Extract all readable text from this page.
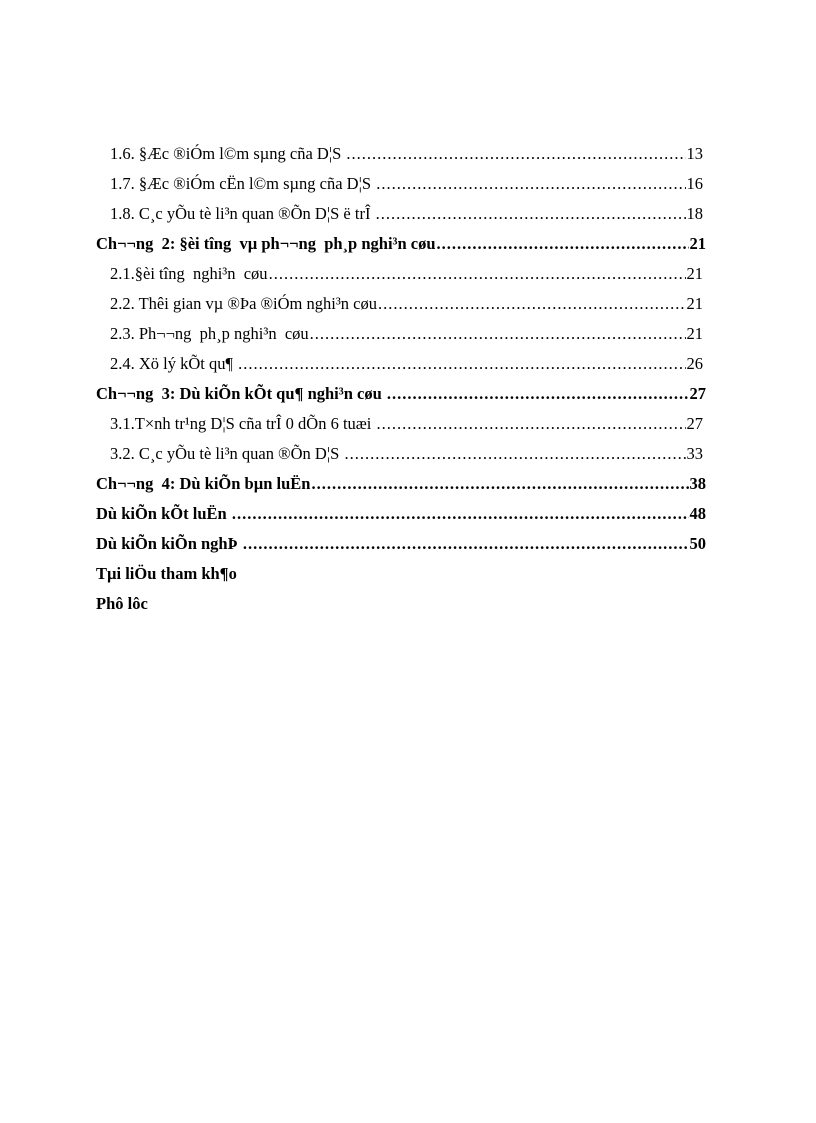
1.6. §Æc ®iÓm l©m sµng cña D¦S .....	13
1.7. §Æc ®iÓm cËn l©m sµng cña D¦S .....	16
1.8. C¸c yÕu tè li³n quan ®Õn D¦S ë trÎ .....	18
Ch¬¬ng  2: §èi tîng  vµ ph¬¬ng  ph¸p nghi³n cøu .....	21
2.1.§èi tîng  nghi³n  cøu .....	21
2.2. Thêi gian vµ ®Þa ®iÓm nghi³n cøu .....	21
2.3. Ph¬¬ng  ph¸p nghi³n  cøu .....	21
2.4. Xö lý kÕt qu¶ .....	26
Ch¬¬ng  3: Dù kiÕn kÕt qu¶ nghi³n cøu .....	27
3.1.T×nh tr¹ng D¦S cña trÎ 0 dÕn 6 tuæi .....	27
3.2. C¸c yÕu tè li³n quan ®Õn D¦S .....	33
Ch¬¬ng  4: Dù kiÕn bµn luËn .....	38
Dù kiÕn kÕt luËn .....	48
Dù kiÕn kiÕn nghÞ .....	50
Tµi liÖu tham kh¶o
Phô lôc
